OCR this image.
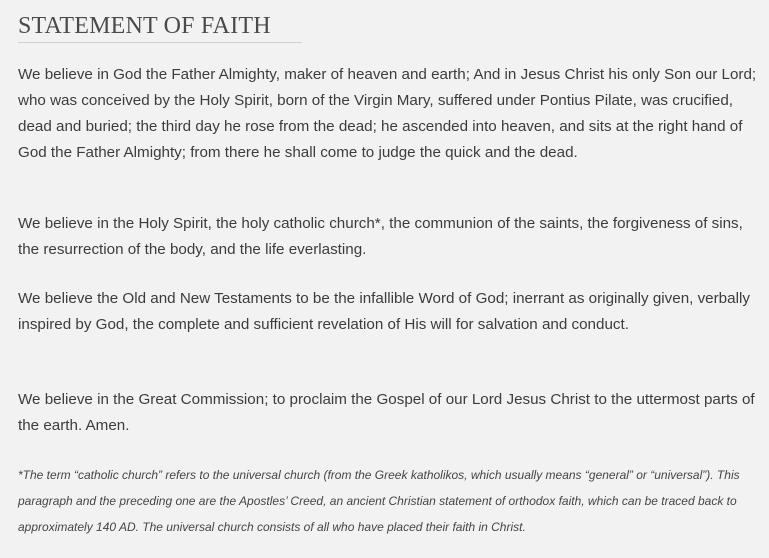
STATEMENT OF FAITH

We believe in God the Father Almighty, maker of heaven and earth; And in Jesus Christ his only Son our Lord; who was conceived by the Holy Spirit, born of the Virgin Mary, suffered under Pontius Pilate, was crucified, dead and buried; the third day he rose from the dead; he ascended into heaven, and sits at the right hand of God the Father Almighty; from there he shall come to judge the quick and the dead.

We believe in the Holy Spirit, the holy catholic church*, the communion of the saints, the forgiveness of sins, the resurrection of the body, and the life everlasting.

We believe the Old and New Testaments to be the infallible Word of God; inerrant as originally given, verbally inspired by God, the complete and sufficient revelation of His will for salvation and conduct.

We believe in the Great Commission; to proclaim the Gospel of our Lord Jesus Christ to the uttermost parts of the earth. Amen.

*The term “catholic church” refers to the universal church (from the Greek katholikos, which usually means “general” or “universal”). This paragraph and the preceding one are the Apostles’ Creed, an ancient Christian statement of orthodox faith, which can be traced back to approximately 140 AD. The universal church consists of all who have placed their faith in Christ.
